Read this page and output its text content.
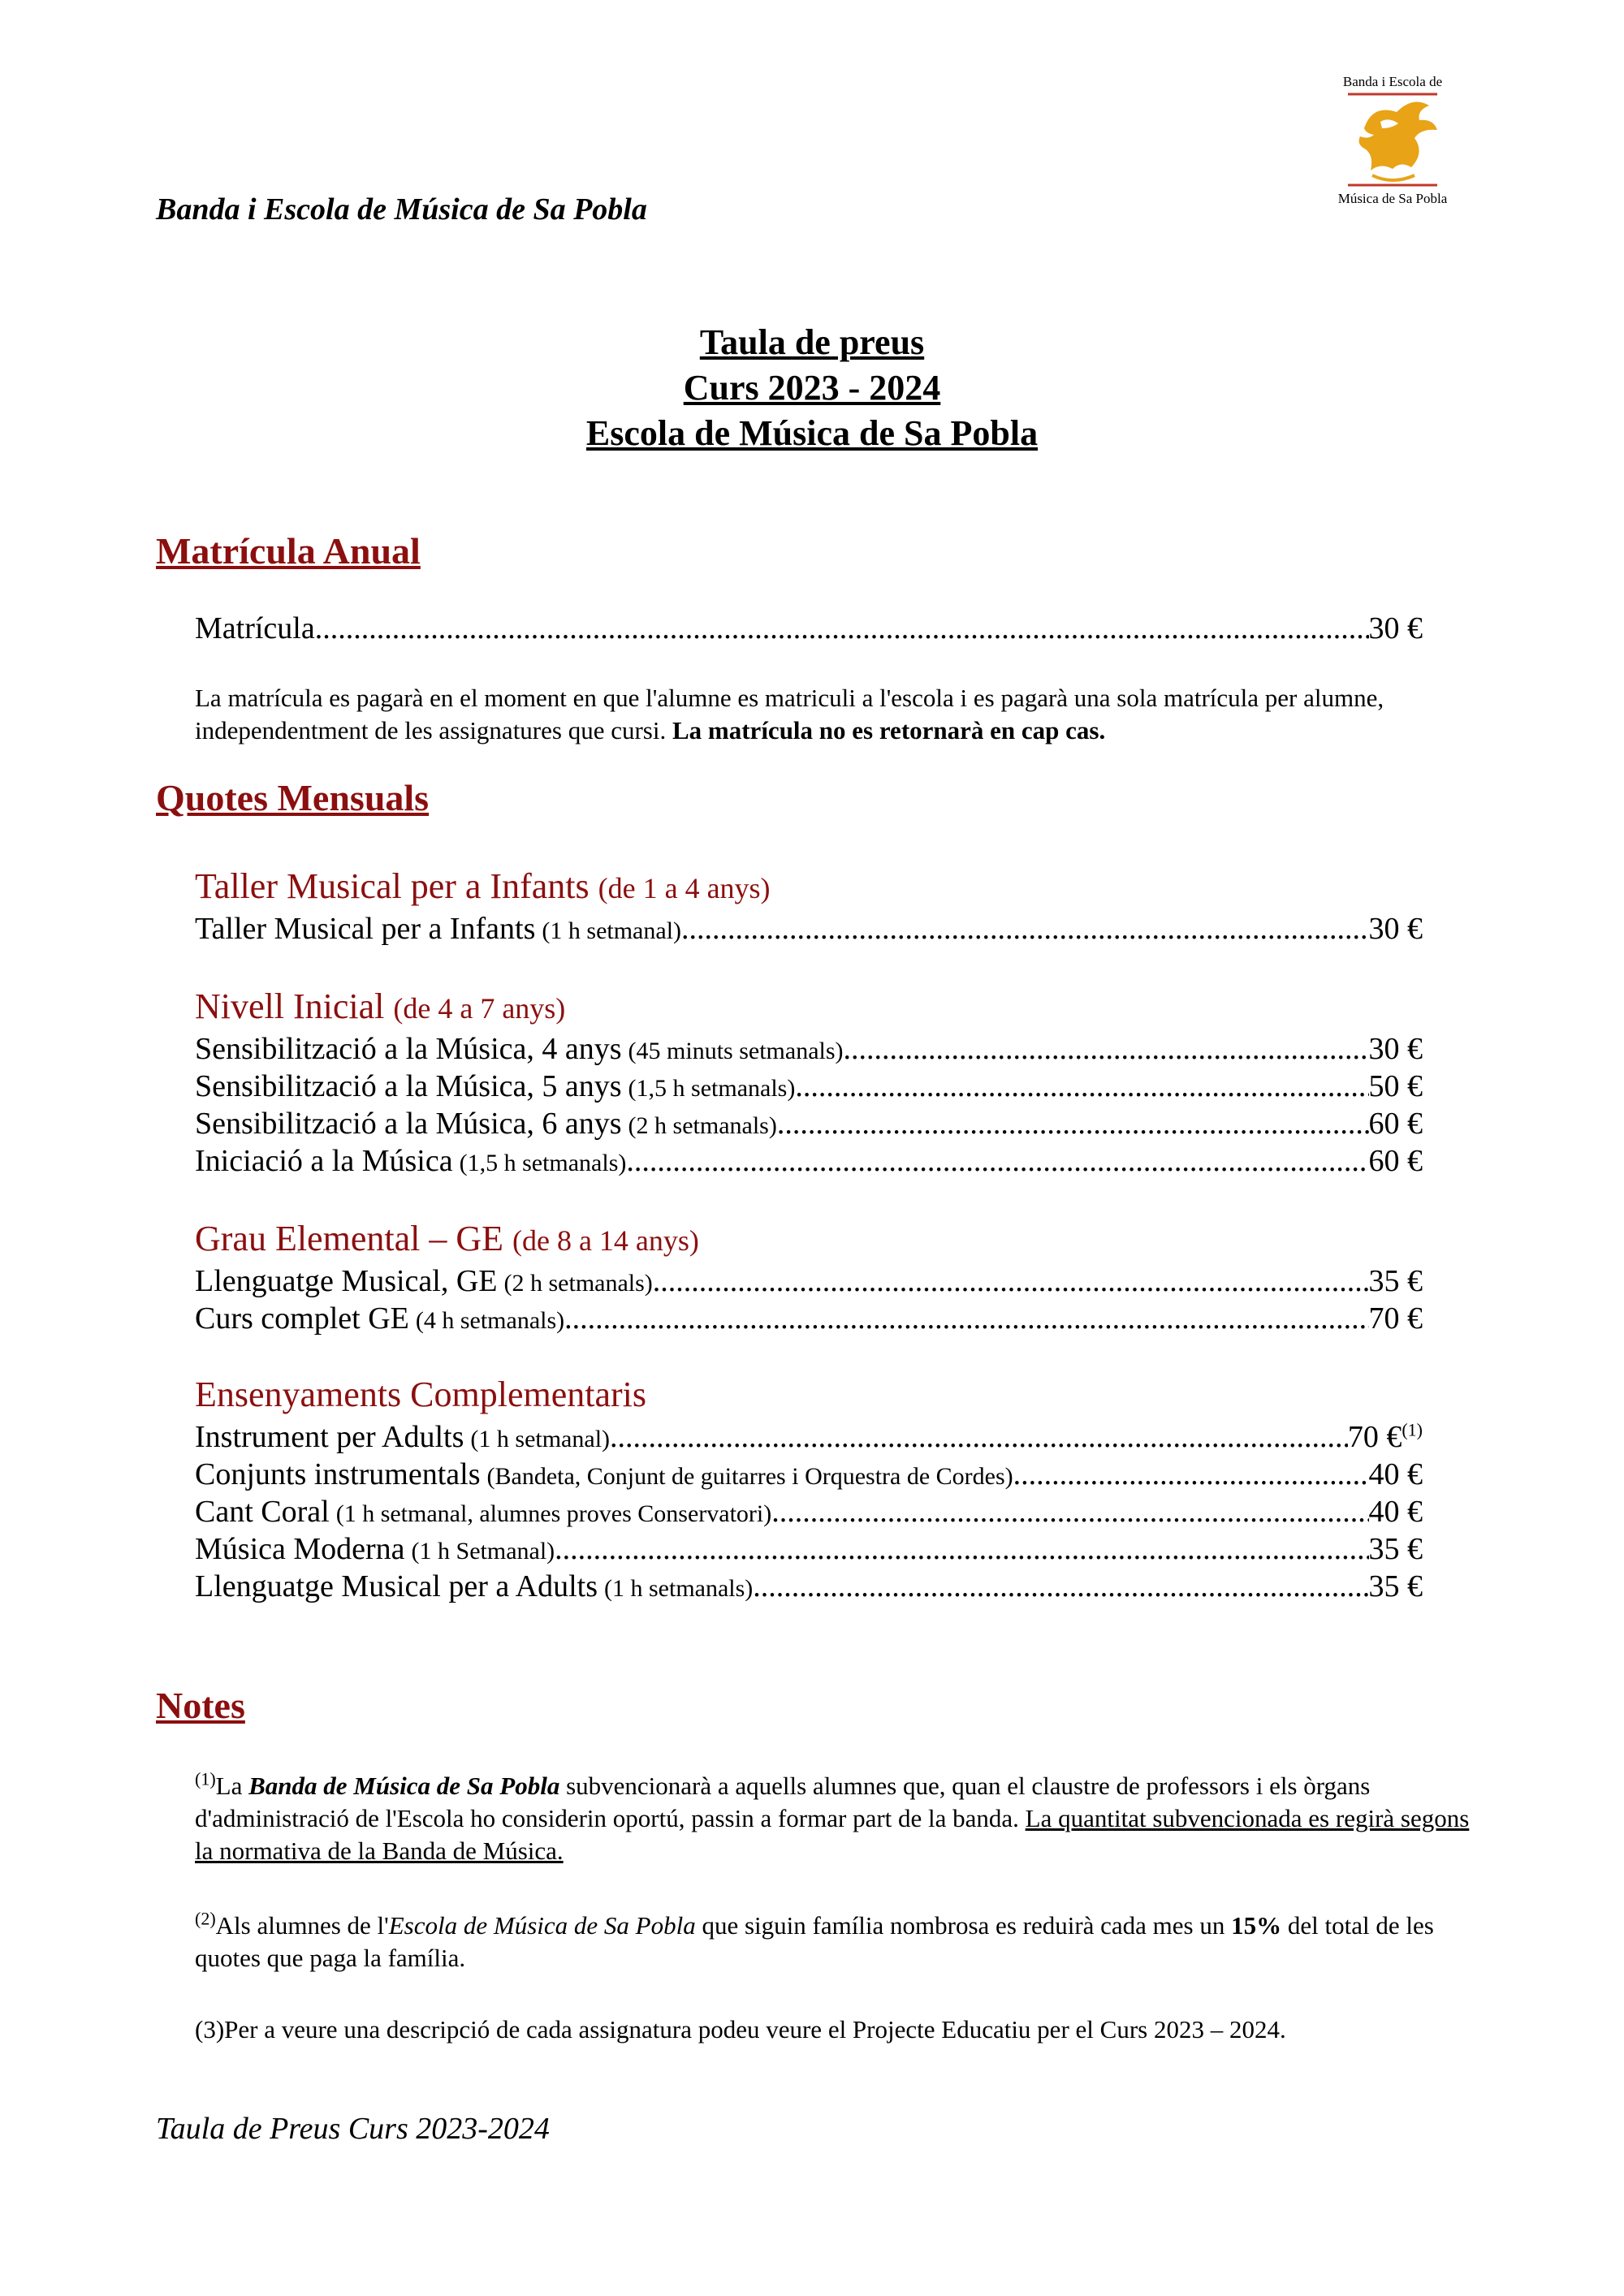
Banda i Escola de Música de Sa Pobla
Banda i Escola de
Música de Sa Pobla
Taula de preus
Curs 2023 - 2024
Escola de Música de Sa Pobla
Matrícula Anual
Matrícula .....	30 €
La matrícula es pagarà en el moment en que l'alumne es matriculi a l'escola i es pagarà una sola matrícula per alumne, independentment de les assignatures que cursi. La matrícula no es retornarà en cap cas.
Quotes Mensuals
Taller Musical per a Infants (de 1 a 4 anys)
Taller Musical per a Infants (1 h setmanal) .....	30 €
Nivell Inicial (de 4 a 7 anys)
Sensibilització a la Música, 4 anys (45 minuts setmanals) .....	30 €
Sensibilització a la Música, 5 anys (1,5 h setmanals) .....	50 €
Sensibilització a la Música, 6 anys (2 h setmanals) .....	60 €
Iniciació a la Música (1,5 h setmanals) .....	60 €
Grau Elemental – GE (de 8 a 14 anys)
Llenguatge Musical, GE (2 h setmanals) .....	35 €
Curs complet GE (4 h setmanals) .....	70 €
Ensenyaments Complementaris
Instrument per Adults (1 h setmanal) .....	70 €$^{(1)}$
Conjunts instrumentals (Bandeta, Conjunt de guitarres i Orquestra de Cordes) .....	40 €
Cant Coral (1 h setmanal, alumnes proves Conservatori) .....	40 €
Música Moderna (1 h Setmanal) .....	35 €
Llenguatge Musical per a Adults (1 h setmanals) .....	35 €
Notes
$^{(1)}$La Banda de Música de Sa Pobla subvencionarà a aquells alumnes que, quan el claustre de professors i els òrgans d'administració de l'Escola ho considerin oportú, passin a formar part de la banda. La quantitat subvencionada es regirà segons la normativa de la Banda de Música.
$^{(2)}$Als alumnes de l'Escola de Música de Sa Pobla que siguin família nombrosa es reduirà cada mes un 15% del total de les quotes que paga la família.
(3)Per a veure una descripció de cada assignatura podeu veure el Projecte Educatiu per el Curs 2023 – 2024.
Taula de Preus Curs 2023-2024
